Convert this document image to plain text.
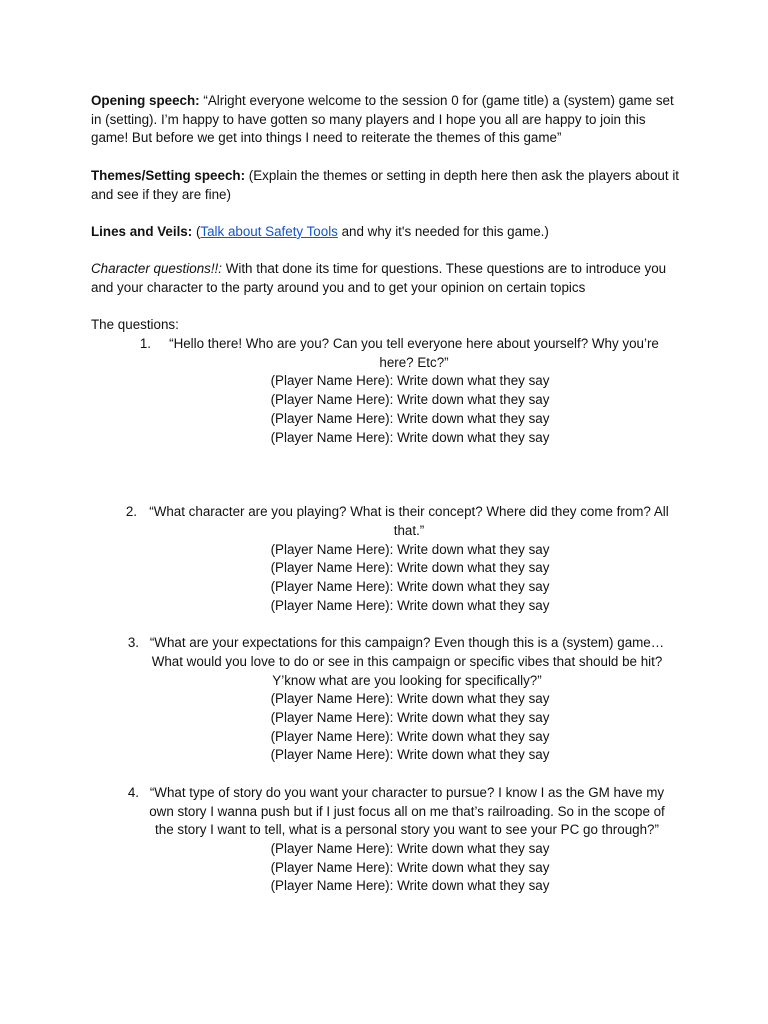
Opening speech: “Alright everyone welcome to the session 0 for (game title) a (system) game set in (setting). I’m happy to have gotten so many players and I hope you all are happy to join this game! But before we get into things I need to reiterate the themes of this game”

Themes/Setting speech: (Explain the themes or setting in depth here then ask the players about it and see if they are fine)

Lines and Veils: (Talk about Safety Tools and why it's needed for this game.)

Character questions!!: With that done its time for questions. These questions are to introduce you and your character to the party around you and to get your opinion on certain topics

The questions:

1.	“Hello there! Who are you? Can you tell everyone here about yourself? Why you’re here? Etc?”
(Player Name Here): Write down what they say
(Player Name Here): Write down what they say
(Player Name Here): Write down what they say
(Player Name Here): Write down what they say
2. “What character are you playing? What is their concept? Where did they come from? All that.”
(Player Name Here): Write down what they say
(Player Name Here): Write down what they say
(Player Name Here): Write down what they say
(Player Name Here): Write down what they say
3. “What are your expectations for this campaign? Even though this is a (system) game… What would you love to do or see in this campaign or specific vibes that should be hit? Y’know what are you looking for specifically?”
(Player Name Here): Write down what they say
(Player Name Here): Write down what they say
(Player Name Here): Write down what they say
(Player Name Here): Write down what they say
4. “What type of story do you want your character to pursue? I know I as the GM have my own story I wanna push but if I just focus all on me that’s railroading. So in the scope of the story I want to tell, what is a personal story you want to see your PC go through?”
(Player Name Here): Write down what they say
(Player Name Here): Write down what they say
(Player Name Here): Write down what they say
